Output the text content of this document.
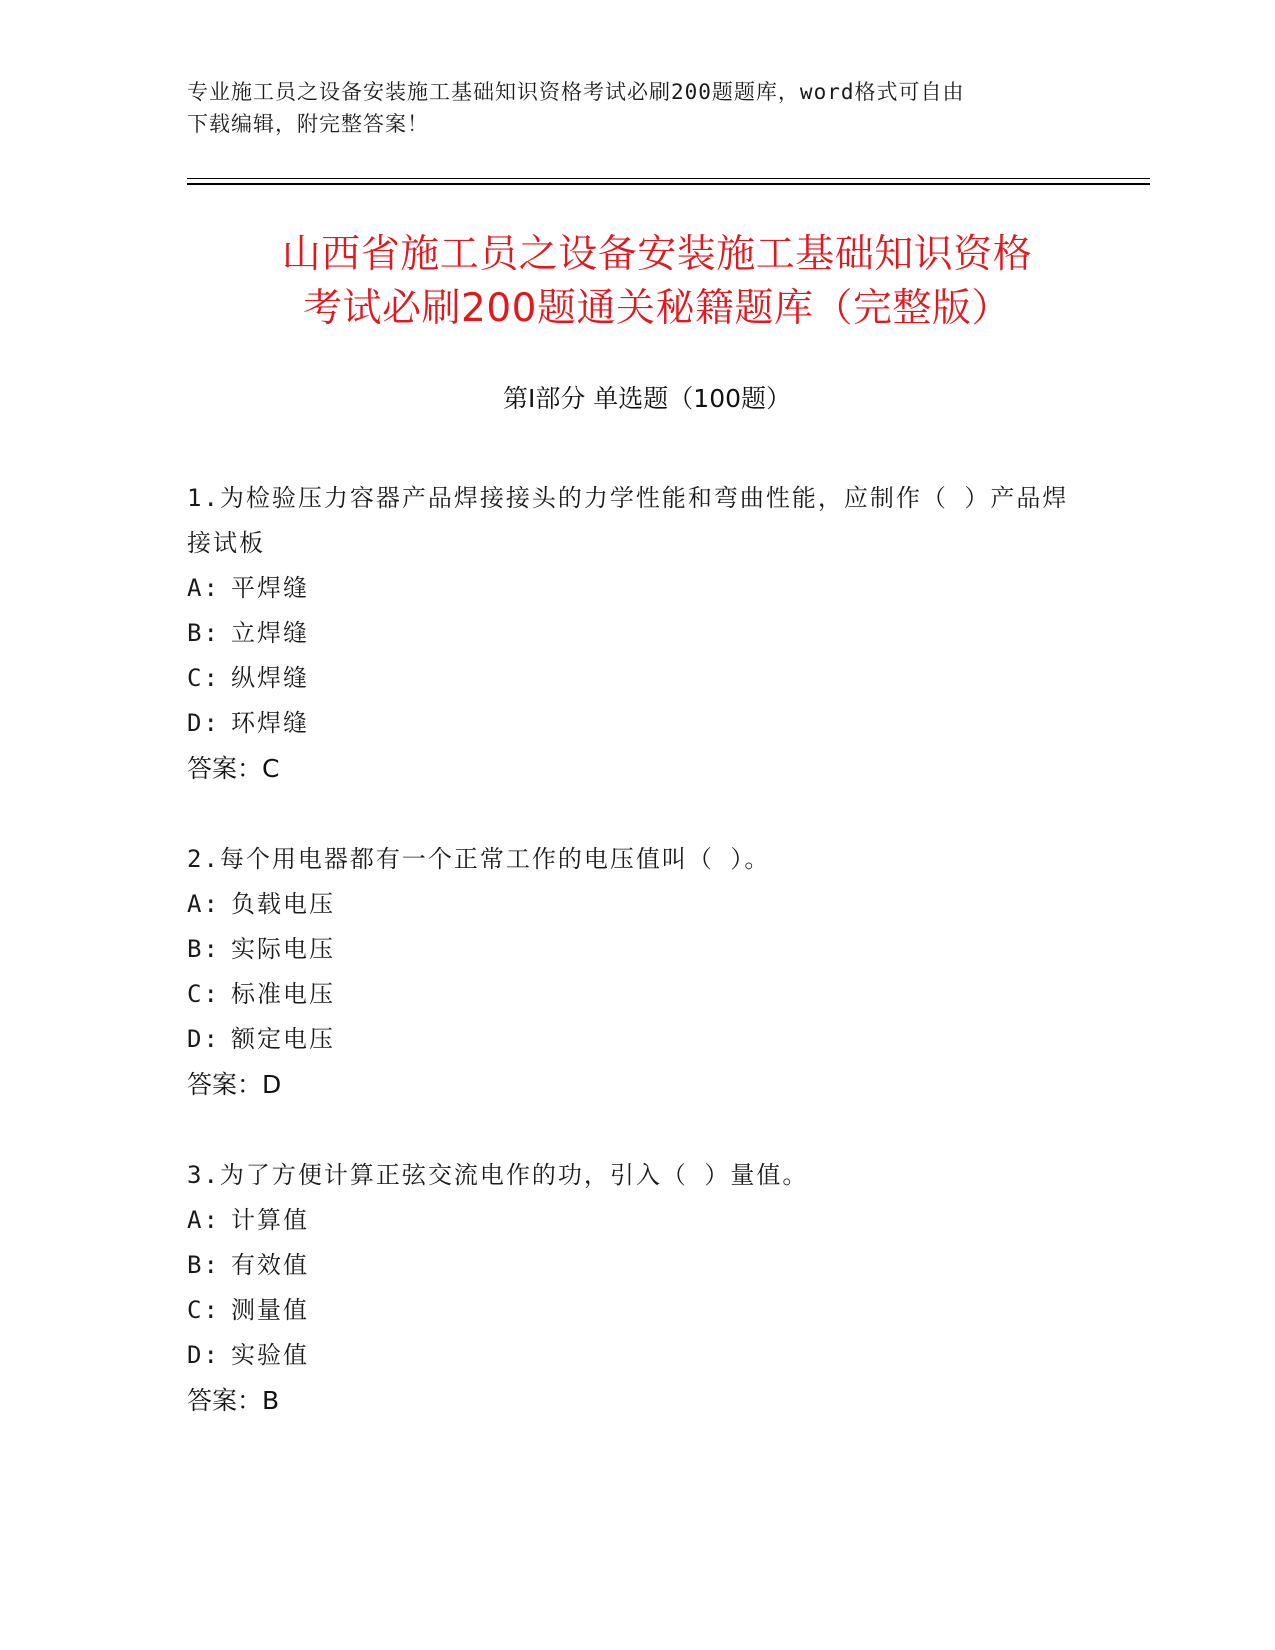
专业施工员之设备安装施工基础知识资格考试必刷200题题库，word格式可自由
下载编辑，附完整答案！
山西省施工员之设备安装施工基础知识资格
考试必刷200题通关秘籍题库（完整版）
第Ⅰ部分 单选题（100题）
1.为检验压力容器产品焊接接头的力学性能和弯曲性能，应制作（ ）产品焊接试板
A: 平焊缝
B: 立焊缝
C: 纵焊缝
D: 环焊缝
答案：C
2.每个用电器都有一个正常工作的电压值叫（ ）。
A: 负载电压
B: 实际电压
C: 标准电压
D: 额定电压
答案：D
3.为了方便计算正弦交流电作的功，引入（ ）量值。
A: 计算值
B: 有效值
C: 测量值
D: 实验值
答案：B
